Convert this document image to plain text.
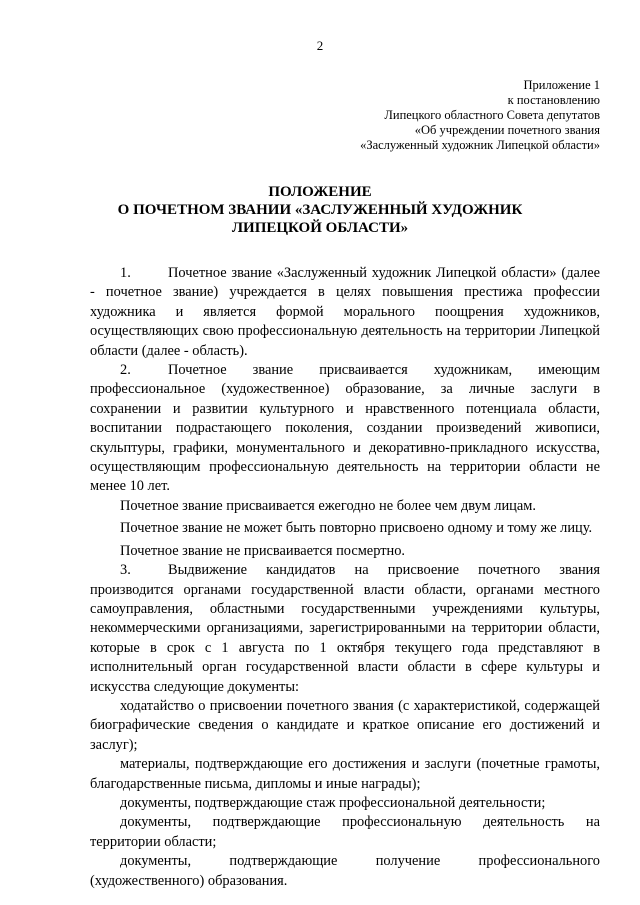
2
Приложение 1
к постановлению
Липецкого областного Совета депутатов
«Об учреждении почетного звания
«Заслуженный художник Липецкой области»
ПОЛОЖЕНИЕ
О ПОЧЕТНОМ ЗВАНИИ «ЗАСЛУЖЕННЫЙ ХУДОЖНИК
ЛИПЕЦКОЙ ОБЛАСТИ»

1.	Почетное звание «Заслуженный художник Липецкой области» (далее - почетное звание) учреждается в целях повышения престижа профессии художника и является формой морального поощрения художников, осуществляющих свою профессиональную деятельность на территории Липецкой области (далее - область).

2.	Почетное звание присваивается художникам, имеющим профессиональное (художественное) образование, за личные заслуги в сохранении и развитии культурного и нравственного потенциала области, воспитании подрастающего поколения, создании произведений живописи, скульптуры, графики, монументального и декоративно-прикладного искусства, осуществляющим профессиональную деятельность на территории области не менее 10 лет.

Почетное звание присваивается ежегодно не более чем двум лицам.

Почетное звание не может быть повторно присвоено одному и тому же лицу.

Почетное звание не присваивается посмертно.

3.	Выдвижение кандидатов на присвоение почетного звания производится органами государственной власти области, органами местного самоуправления, областными государственными учреждениями культуры, некоммерческими организациями, зарегистрированными на территории области, которые в срок с 1 августа по 1 октября текущего года представляют в исполнительный орган государственной власти области в сфере культуры и искусства следующие документы:

ходатайство о присвоении почетного звания (с характеристикой, содержащей биографические сведения о кандидате и краткое описание его достижений и заслуг);

материалы, подтверждающие его достижения и заслуги (почетные грамоты, благодарственные письма, дипломы и иные награды);

документы, подтверждающие стаж профессиональной деятельности;

документы, подтверждающие профессиональную деятельность на территории области;

документы, подтверждающие получение профессионального (художественного) образования.
